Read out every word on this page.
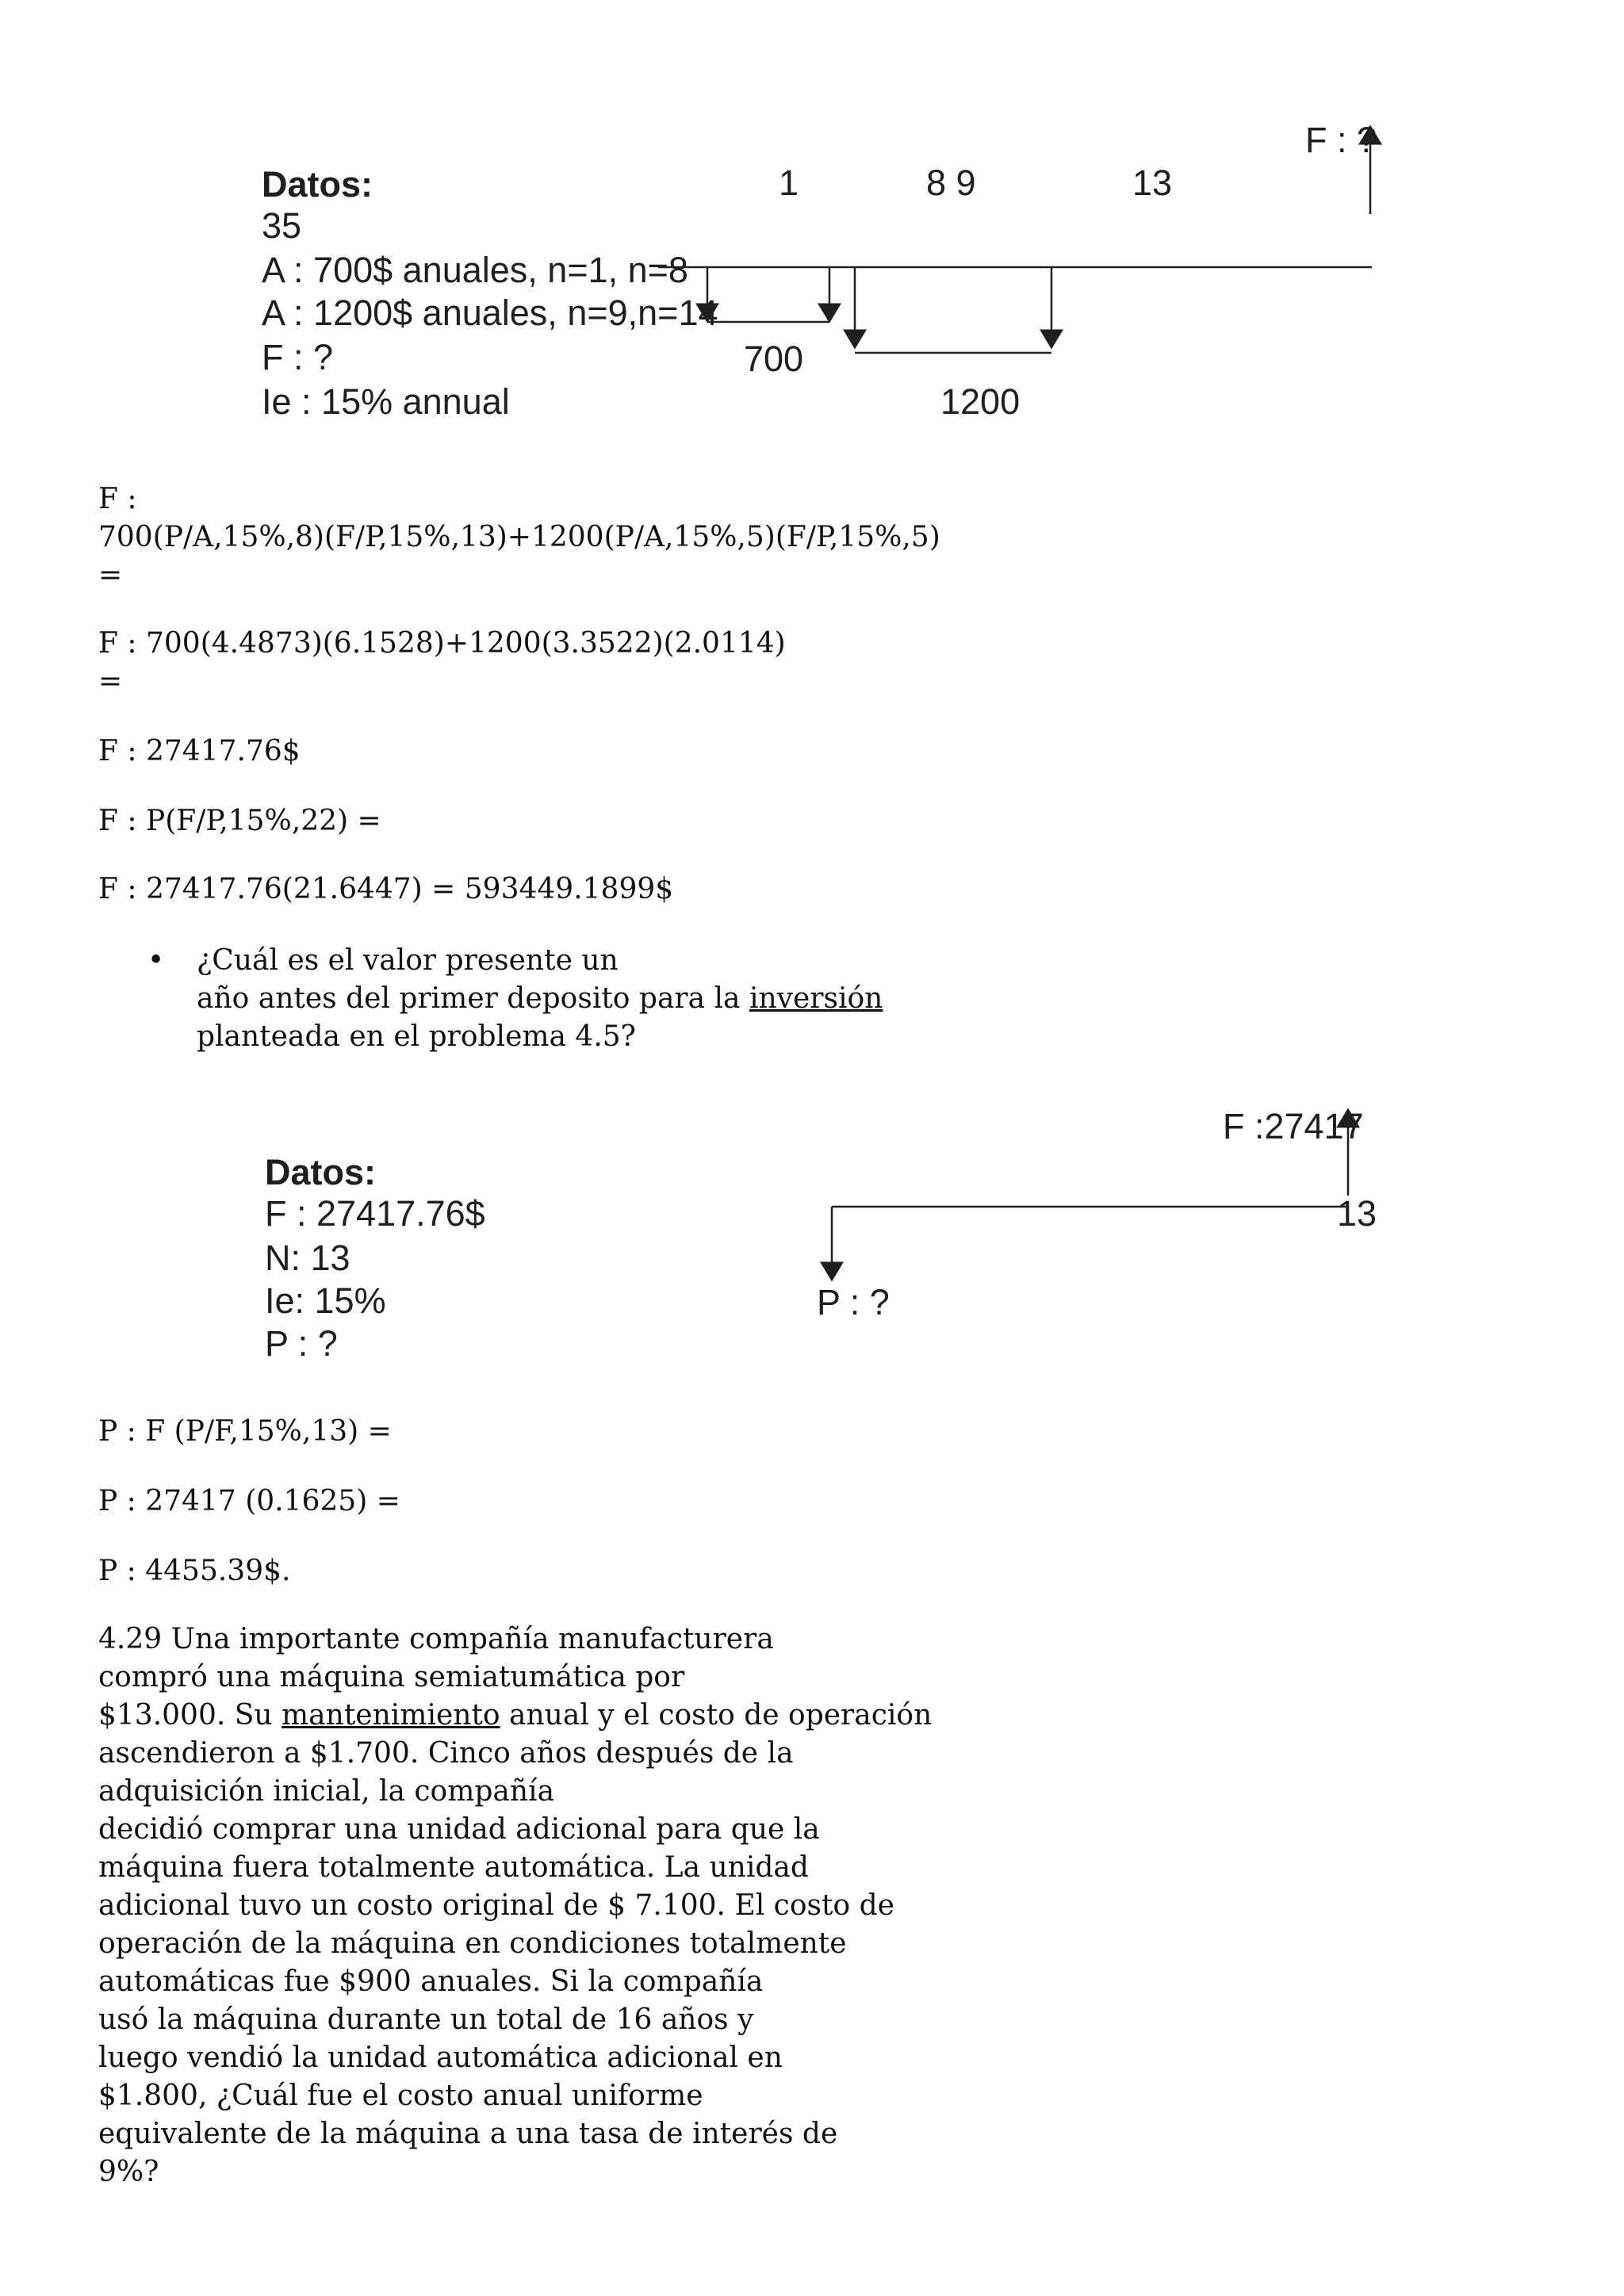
Datos:
35
A : 700$ anuales, n=1, n=8
A : 1200$ anuales, n=9,n=14
F : ?
Ie : 15% annual
1	8 9	13
F : ?
700
1200
F :
700(P/A,15%,8)(F/P,15%,13)+1200(P/A,15%,5)(F/P,15%,5)
=
F : 700(4.4873)(6.1528)+1200(3.3522)(2.0114)
=
F : 27417.76$
F : P(F/P,15%,22) =
F : 27417.76(21.6447) = 593449.1899$
• ¿Cuál es el valor presente un
año antes del primer deposito para la inversión
planteada en el problema 4.5?
Datos:
F : 27417.76$
N: 13
Ie: 15%
P : ?
F :27417
13
P : ?
P : F (P/F,15%,13) =
P : 27417 (0.1625) =
P : 4455.39$.
4.29 Una importante compañía manufacturera
compró una máquina semiatumática por
$13.000. Su mantenimiento anual y el costo de operación
ascendieron a $1.700. Cinco años después de la
adquisición inicial, la compañía
decidió comprar una unidad adicional para que la
máquina fuera totalmente automática. La unidad
adicional tuvo un costo original de $ 7.100. El costo de
operación de la máquina en condiciones totalmente
automáticas fue $900 anuales. Si la compañía
usó la máquina durante un total de 16 años y
luego vendió la unidad automática adicional en
$1.800, ¿Cuál fue el costo anual uniforme
equivalente de la máquina a una tasa de interés de
9%?
